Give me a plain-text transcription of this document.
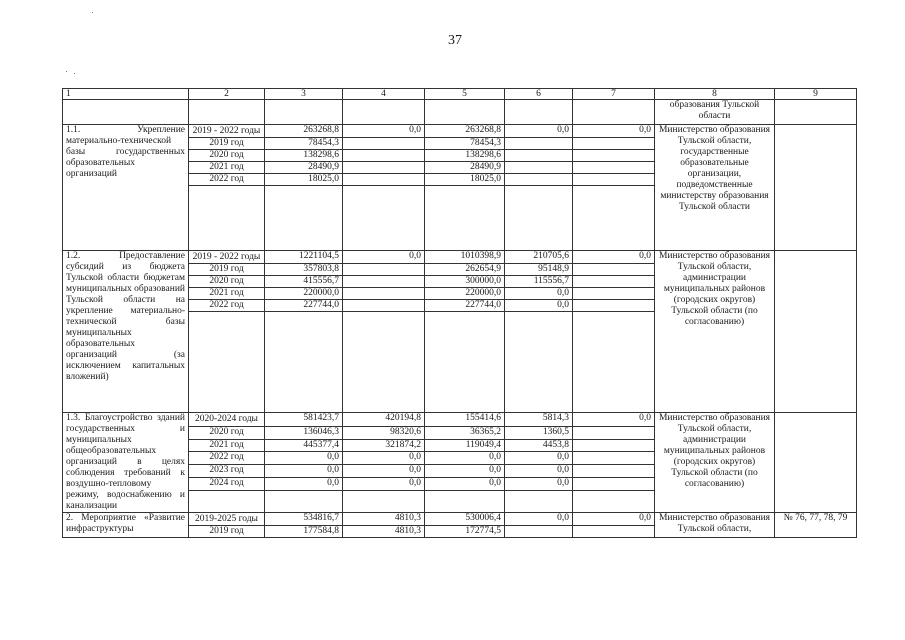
37
1	2	3	4	5	6	7	8	9
							образования Тульской области	
1.1. Укрепление материально-технической базы государственных образовательных организаций	2019 - 2022 годы	263268,8	0,0	263268,8	0,0	0,0	Министерство образования Тульской области, государственные образовательные организации, подведомственные министерству образования Тульской области	
	2019 год	78454,3		78454,3				
	2020 год	138298,6		138298,6				
	2021 год	28490,9		28490,9				
	2022 год	18025,0		18025,0				

1.2. Предоставление субсидий из бюджета Тульской области бюджетам муниципальных образований Тульской области на укрепление материально-технической базы муниципальных образовательных организаций (за исключением капитальных вложений)	2019 - 2022 годы	1221104,5	0,0	1010398,9	210705,6	0,0	Министерство образования Тульской области, администрации муниципальных районов (городских округов) Тульской области (по согласованию)	
	2019 год	357803,8		262654,9	95148,9			
	2020 год	415556,7		300000,0	115556,7			
	2021 год	220000,0		220000,0	0,0			
	2022 год	227744,0		227744,0	0,0			

1.3. Благоустройство зданий государственных и муниципальных общеобразовательных организаций в целях соблюдения требований к воздушно-тепловому режиму, водоснабжению и канализации	2020-2024 годы	581423,7	420194,8	155414,6	5814,3	0,0	Министерство образования Тульской области, администрации муниципальных районов (городских округов) Тульской области (по согласованию)	
	2020 год	136046,3	98320,6	36365,2	1360,5			
	2021 год	445377,4	321874,2	119049,4	4453,8			
	2022 год	0,0	0,0	0,0	0,0			
	2023 год	0,0	0,0	0,0	0,0			
	2024 год	0,0	0,0	0,0	0,0			

2. Мероприятие «Развитие инфраструктуры	2019-2025 годы	534816,7	4810,3	530006,4	0,0	0,0	Министерство образования Тульской области,	№ 76, 77, 78, 79
	2019 год	177584,8	4810,3	172774,5				
